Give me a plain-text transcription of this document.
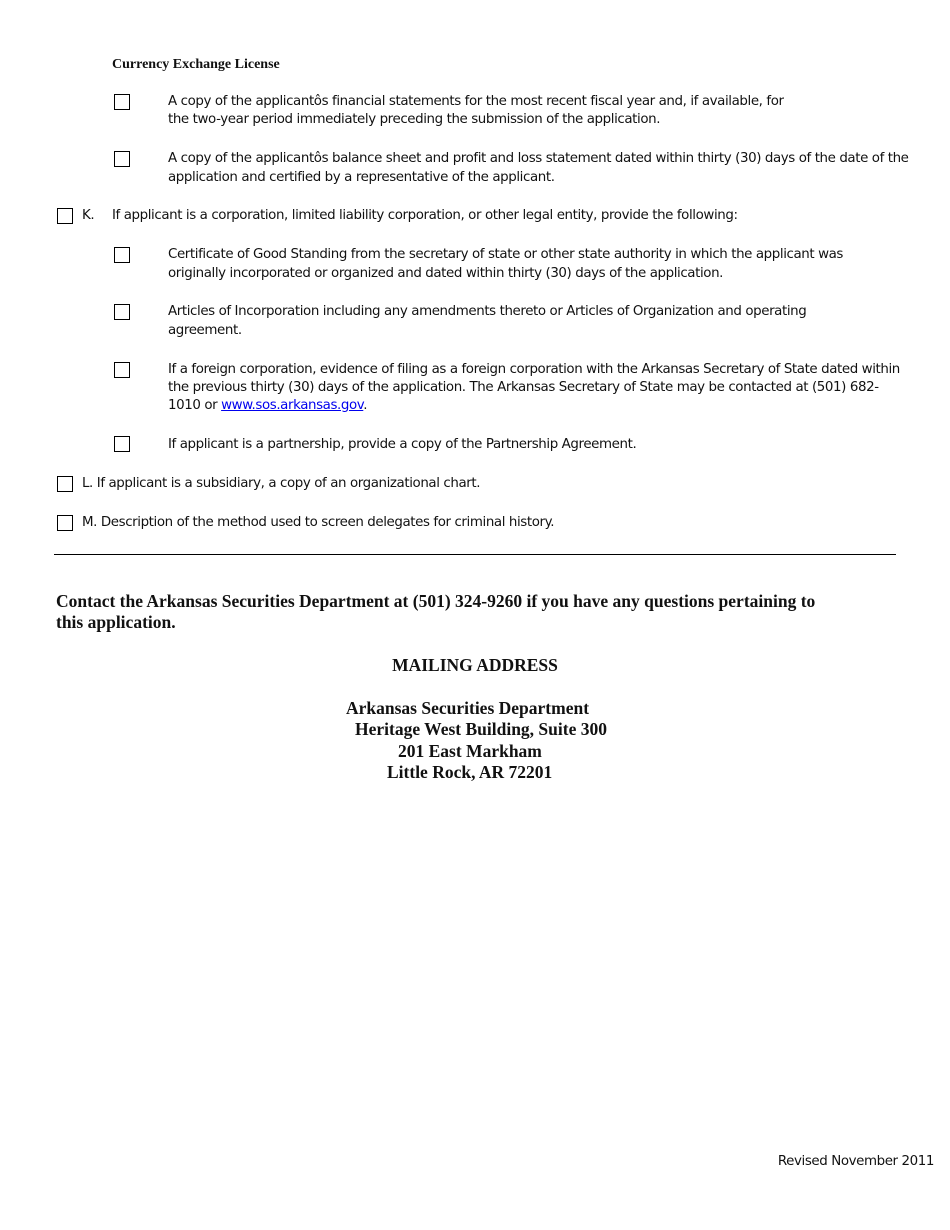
Currency Exchange License
A copy of the applicantôs financial statements for the most recent fiscal year and, if available, for
the two-year period immediately preceding the submission of the application.
A copy of the applicantôs balance sheet and profit and loss statement dated within thirty (30) days of the date of the
application and certified by a representative of the applicant.
K. If applicant is a corporation, limited liability corporation, or other legal entity, provide the following:
Certificate of Good Standing from the secretary of state or other state authority in which the applicant was
originally incorporated or organized and dated within thirty (30) days of the application.
Articles of Incorporation including any amendments thereto or Articles of Organization and operating
agreement.
If a foreign corporation, evidence of filing as a foreign corporation with the Arkansas Secretary of State dated within
the previous thirty (30) days of the application. The Arkansas Secretary of State may be contacted at (501) 682-
1010 or www.sos.arkansas.gov.
If applicant is a partnership, provide a copy of the Partnership Agreement.
L. If applicant is a subsidiary, a copy of an organizational chart.
M. Description of the method used to screen delegates for criminal history.
Contact the Arkansas Securities Department at (501) 324-9260 if you have any questions pertaining to
this application.
MAILING ADDRESS
Arkansas Securities Department
Heritage West Building, Suite 300
201 East Markham
Little Rock, AR 72201
Revised November 2011
